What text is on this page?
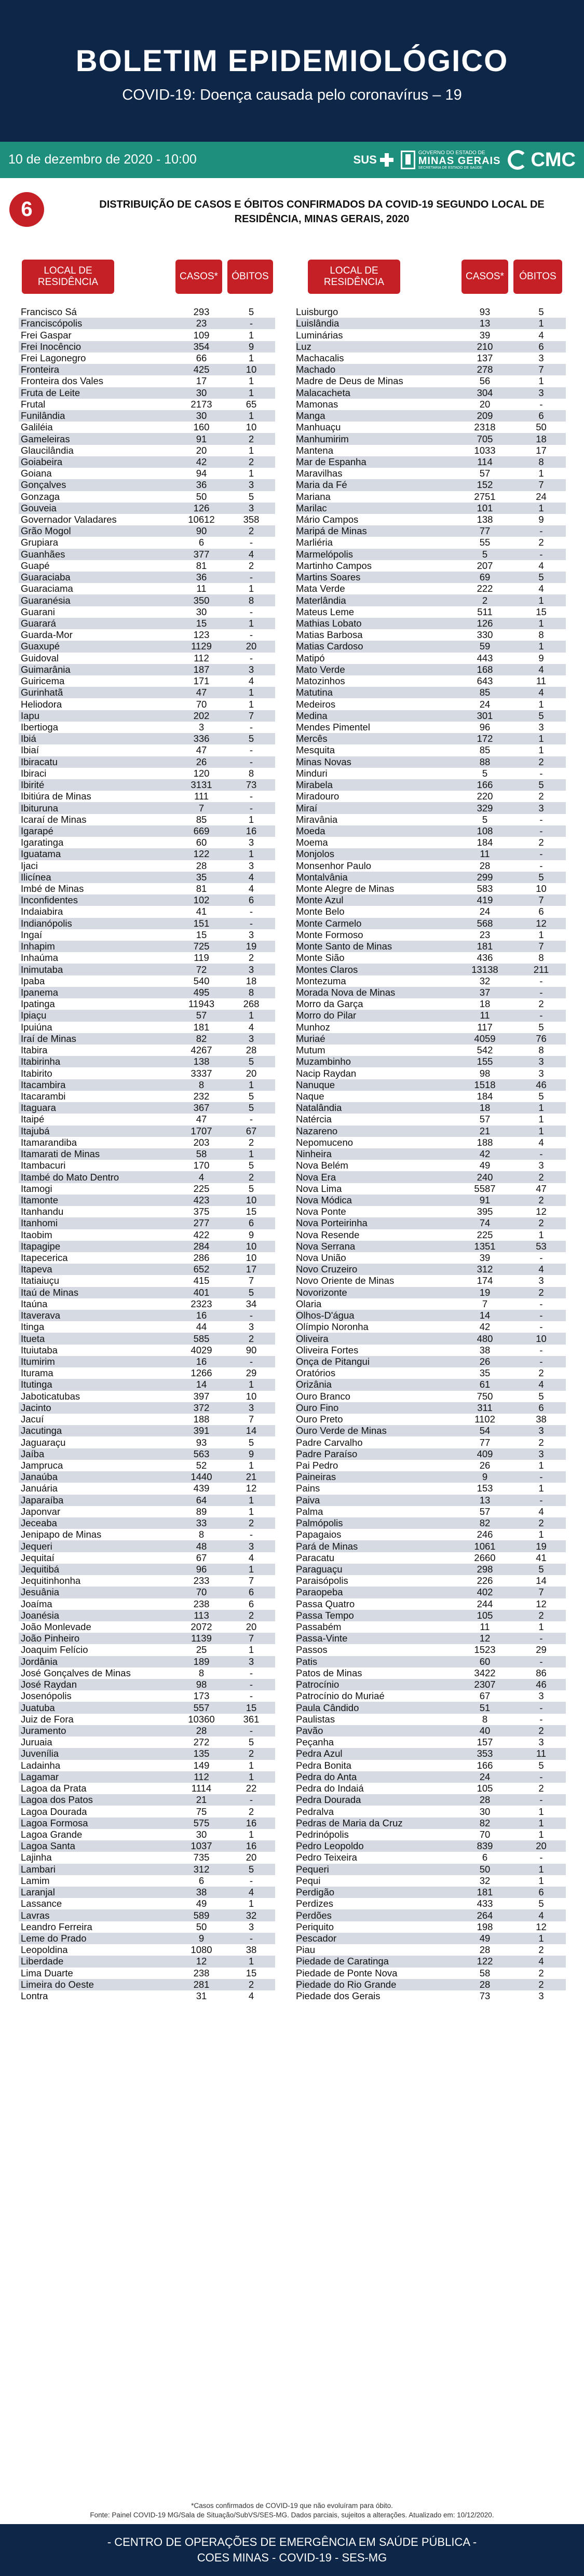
BOLETIM EPIDEMIOLÓGICO
COVID-19: Doença causada pelo coronavírus – 19
10 de dezembro de 2020 - 10:00	SUS
GOVERNO DO ESTADO DE
MINAS GERAIS
SECRETARIA DE ESTADO DE SAÚDE	CMC
6	DISTRIBUIÇÃO DE CASOS E ÓBITOS CONFIRMADOS DA COVID-19 SEGUNDO LOCAL DE RESIDÊNCIA, MINAS GERAIS, 2020
LOCAL DE RESIDÊNCIA
CASOS*	ÓBITOS
LOCAL DE RESIDÊNCIA
CASOS*	ÓBITOS
Francisco Sá	293	5
Franciscópolis	23	-
Frei Gaspar	109	1
Frei Inocêncio	354	9
Frei Lagonegro	66	1
Fronteira	425	10
Fronteira dos Vales	17	1
Fruta de Leite	30	1
Frutal	2173	65
Funilândia	30	1
Galiléia	160	10
Gameleiras	91	2
Glaucilândia	20	1
Goiabeira	42	2
Goiana	94	1
Gonçalves	36	3
Gonzaga	50	5
Gouveia	126	3
Governador Valadares	10612	358
Grão Mogol	90	2
Grupiara	6	-
Guanhães	377	4
Guapé	81	2
Guaraciaba	36	-
Guaraciama	11	1
Guaranésia	350	8
Guarani	30	-
Guarará	15	1
Guarda-Mor	123	-
Guaxupé	1129	20
Guidoval	112	-
Guimarânia	187	3
Guiricema	171	4
Gurinhatã	47	1
Heliodora	70	1
Iapu	202	7
Ibertioga	3	-
Ibiá	336	5
Ibiaí	47	-
Ibiracatu	26	-
Ibiraci	120	8
Ibirité	3131	73
Ibitiúra de Minas	111	-
Ibituruna	7	-
Icaraí de Minas	85	1
Igarapé	669	16
Igaratinga	60	3
Iguatama	122	1
Ijaci	28	3
Ilicínea	35	4
Imbé de Minas	81	4
Inconfidentes	102	6
Indaiabira	41	-
Indianópolis	151	-
Ingaí	15	3
Inhapim	725	19
Inhaúma	119	2
Inimutaba	72	3
Ipaba	540	18
Ipanema	495	8
Ipatinga	11943	268
Ipiaçu	57	1
Ipuiúna	181	4
Iraí de Minas	82	3
Itabira	4267	28
Itabirinha	138	5
Itabirito	3337	20
Itacambira	8	1
Itacarambi	232	5
Itaguara	367	5
Itaipé	47	-
Itajubá	1707	67
Itamarandiba	203	2
Itamarati de Minas	58	1
Itambacuri	170	5
Itambé do Mato Dentro	4	2
Itamogi	225	5
Itamonte	423	10
Itanhandu	375	15
Itanhomi	277	6
Itaobim	422	9
Itapagipe	284	10
Itapecerica	286	10
Itapeva	652	17
Itatiaiuçu	415	7
Itaú de Minas	401	5
Itaúna	2323	34
Itaverava	16	-
Itinga	44	3
Itueta	585	2
Ituiutaba	4029	90
Itumirim	16	-
Iturama	1266	29
Itutinga	14	1
Jaboticatubas	397	10
Jacinto	372	3
Jacuí	188	7
Jacutinga	391	14
Jaguaraçu	93	5
Jaíba	563	9
Jampruca	52	1
Janaúba	1440	21
Januária	439	12
Japaraíba	64	1
Japonvar	89	1
Jeceaba	33	2
Jenipapo de Minas	8	-
Jequeri	48	3
Jequitaí	67	4
Jequitibá	96	1
Jequitinhonha	233	7
Jesuânia	70	6
Joaíma	238	6
Joanésia	113	2
João Monlevade	2072	20
João Pinheiro	1139	7
Joaquim Felício	25	1
Jordânia	189	3
José Gonçalves de Minas	8	-
José Raydan	98	-
Josenópolis	173	-
Juatuba	557	15
Juiz de Fora	10360	361
Juramento	28	-
Juruaia	272	5
Juvenília	135	2
Ladainha	149	1
Lagamar	112	1
Lagoa da Prata	1114	22
Lagoa dos Patos	21	-
Lagoa Dourada	75	2
Lagoa Formosa	575	16
Lagoa Grande	30	1
Lagoa Santa	1037	16
Lajinha	735	20
Lambari	312	5
Lamim	6	-
Laranjal	38	4
Lassance	49	1
Lavras	589	32
Leandro Ferreira	50	3
Leme do Prado	9	-
Leopoldina	1080	38
Liberdade	12	1
Lima Duarte	238	15
Limeira do Oeste	281	2
Lontra	31	4
Luisburgo	93	5
Luislândia	13	1
Luminárias	39	4
Luz	210	6
Machacalis	137	3
Machado	278	7
Madre de Deus de Minas	56	1
Malacacheta	304	3
Mamonas	20	-
Manga	209	6
Manhuaçu	2318	50
Manhumirim	705	18
Mantena	1033	17
Mar de Espanha	114	8
Maravilhas	57	1
Maria da Fé	152	7
Mariana	2751	24
Marilac	101	1
Mário Campos	138	9
Maripá de Minas	77	-
Marliéria	55	2
Marmelópolis	5	-
Martinho Campos	207	4
Martins Soares	69	5
Mata Verde	222	4
Materlândia	2	1
Mateus Leme	511	15
Mathias Lobato	126	1
Matias Barbosa	330	8
Matias Cardoso	59	1
Matipó	443	9
Mato Verde	168	4
Matozinhos	643	11
Matutina	85	4
Medeiros	24	1
Medina	301	5
Mendes Pimentel	96	3
Mercês	172	1
Mesquita	85	1
Minas Novas	88	2
Minduri	5	-
Mirabela	166	5
Miradouro	220	2
Miraí	329	3
Miravânia	5	-
Moeda	108	-
Moema	184	2
Monjolos	11	-
Monsenhor Paulo	28	-
Montalvânia	299	5
Monte Alegre de Minas	583	10
Monte Azul	419	7
Monte Belo	24	6
Monte Carmelo	568	12
Monte Formoso	23	1
Monte Santo de Minas	181	7
Monte Sião	436	8
Montes Claros	13138	211
Montezuma	32	-
Morada Nova de Minas	37	-
Morro da Garça	18	2
Morro do Pilar	11	-
Munhoz	117	5
Muriaé	4059	76
Mutum	542	8
Muzambinho	155	3
Nacip Raydan	98	3
Nanuque	1518	46
Naque	184	5
Natalândia	18	1
Natércia	57	1
Nazareno	21	1
Nepomuceno	188	4
Ninheira	42	-
Nova Belém	49	3
Nova Era	240	2
Nova Lima	5587	47
Nova Módica	91	2
Nova Ponte	395	12
Nova Porteirinha	74	2
Nova Resende	225	1
Nova Serrana	1351	53
Nova União	39	-
Novo Cruzeiro	312	4
Novo Oriente de Minas	174	3
Novorizonte	19	2
Olaria	7	-
Olhos-D'água	14	-
Olímpio Noronha	42	-
Oliveira	480	10
Oliveira Fortes	38	-
Onça de Pitangui	26	-
Oratórios	35	2
Orizânia	61	4
Ouro Branco	750	5
Ouro Fino	311	6
Ouro Preto	1102	38
Ouro Verde de Minas	54	3
Padre Carvalho	77	2
Padre Paraíso	409	3
Pai Pedro	26	1
Paineiras	9	-
Pains	153	1
Paiva	13	-
Palma	57	4
Palmópolis	82	2
Papagaios	246	1
Pará de Minas	1061	19
Paracatu	2660	41
Paraguaçu	298	5
Paraisópolis	226	14
Paraopeba	402	7
Passa Quatro	244	12
Passa Tempo	105	2
Passabém	11	1
Passa-Vinte	12	-
Passos	1523	29
Patis	60	-
Patos de Minas	3422	86
Patrocínio	2307	46
Patrocínio do Muriaé	67	3
Paula Cândido	51	-
Paulistas	8	-
Pavão	40	2
Peçanha	157	3
Pedra Azul	353	11
Pedra Bonita	166	5
Pedra do Anta	24	-
Pedra do Indaiá	105	2
Pedra Dourada	28	-
Pedralva	30	1
Pedras de Maria da Cruz	82	1
Pedrinópolis	70	1
Pedro Leopoldo	839	20
Pedro Teixeira	6	-
Pequeri	50	1
Pequi	32	1
Perdigão	181	6
Perdizes	433	5
Perdões	264	4
Periquito	198	12
Pescador	49	1
Piau	28	2
Piedade de Caratinga	122	4
Piedade de Ponte Nova	58	2
Piedade do Rio Grande	28	2
Piedade dos Gerais	73	3
*Casos confirmados de COVID-19 que não evoluíram para óbito.
Fonte: Painel COVID-19 MG/Sala de Situação/SubVS/SES-MG. Dados parciais, sujeitos a alterações. Atualizado em: 10/12/2020.
- CENTRO DE OPERAÇÕES DE EMERGÊNCIA EM SAÚDE PÚBLICA -
COES MINAS - COVID-19 - SES-MG
